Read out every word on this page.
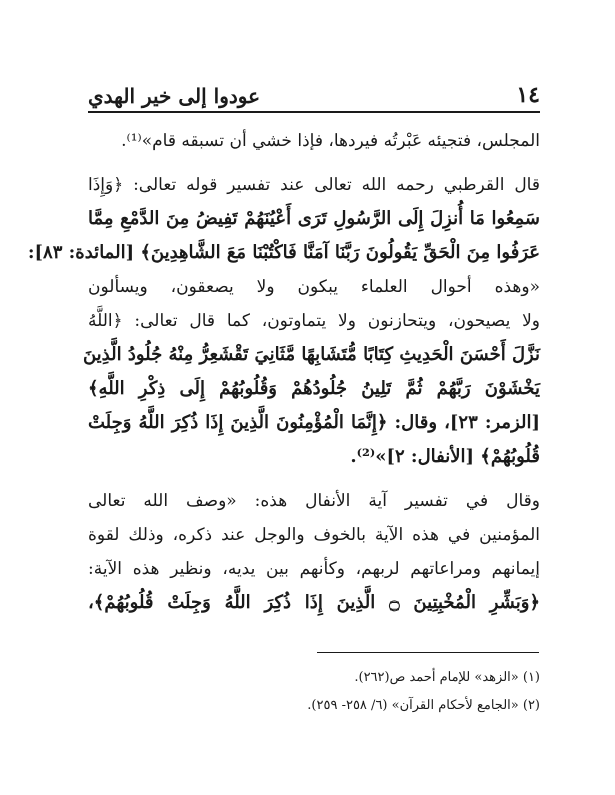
عودوا إلى خير الهدي	١٤
المجلس، فتجيئه عَبْرتُه فيردها، فإذا خشي أن تسبقه قام»⁽¹⁾.
قال القرطبي رحمه الله تعالى عند تفسير قوله تعالى: ﴿وَإِذَا
سَمِعُوا مَا أُنزِلَ إِلَى الرَّسُولِ تَرَى أَعْيُنَهُمْ تَفِيضُ مِنَ الدَّمْعِ مِمَّا
عَرَفُوا مِنَ الْحَقِّ يَقُولُونَ رَبَّنَا آمَنَّا فَاكْتُبْنَا مَعَ الشَّاهِدِينَ﴾ [المائدة: ٨٣]:
«وهذه أحوال العلماء يبكون ولا يصعقون، ويسألون
ولا يصيحون، ويتحازنون ولا يتماوتون، كما قال تعالى: ﴿اللَّهُ
نَزَّلَ أَحْسَنَ الْحَدِيثِ كِتَابًا مُّتَشَابِهًا مَّثَانِيَ تَقْشَعِرُّ مِنْهُ جُلُودُ الَّذِينَ
يَخْشَوْنَ رَبَّهُمْ ثُمَّ تَلِينُ جُلُودُهُمْ وَقُلُوبُهُمْ إِلَى ذِكْرِ اللَّهِ﴾
[الزمر: ٢٣]، وقال: ﴿إِنَّمَا الْمُؤْمِنُونَ الَّذِينَ إِذَا ذُكِرَ اللَّهُ وَجِلَتْ
قُلُوبُهُمْ﴾ [الأنفال: ٢]»⁽²⁾.
وقال في تفسير آية الأنفال هذه: «وصف الله تعالى
المؤمنين في هذه الآية بالخوف والوجل عند ذكره، وذلك لقوة
إيمانهم ومراعاتهم لربهم، وكأنهم بين يديه، ونظير هذه الآية:
﴿وَبَشِّرِ الْمُخْبِتِينَ ۝ الَّذِينَ إِذَا ذُكِرَ اللَّهُ وَجِلَتْ قُلُوبُهُمْ﴾،
(١) «الزهد» للإمام أحمد ص(٢٦٢).
(٢) «الجامع لأحكام القرآن» (٦/ ٢٥٨- ٢٥٩).
